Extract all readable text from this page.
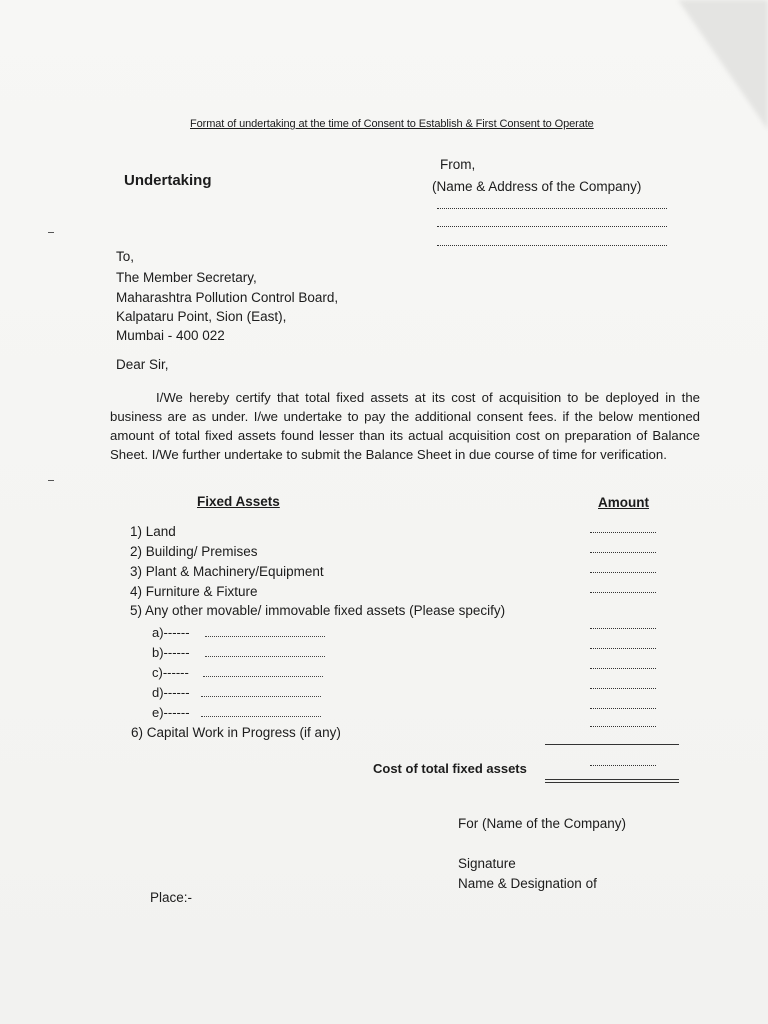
Format of undertaking at the time of Consent to Establish & First Consent to Operate
Undertaking
From,
(Name & Address of the Company)
To,
The Member Secretary,
Maharashtra Pollution Control Board,
Kalpataru Point, Sion (East),
Mumbai - 400 022
Dear Sir,
I/We hereby certify that total fixed assets at its cost of acquisition to be deployed in the business are as under. I/we undertake to pay the additional consent fees. if the below mentioned amount of total fixed assets found lesser than its actual acquisition cost on preparation of Balance Sheet. I/We further undertake to submit the Balance Sheet in due course of time for verification.
Fixed Assets	Amount
1) Land
2) Building/ Premises
3) Plant & Machinery/Equipment
4) Furniture & Fixture
5) Any other movable/ immovable fixed assets (Please specify)
a)------
b)------
c)------
d)------
e)------
6) Capital Work in Progress (if any)
Cost of total fixed assets
For (Name of the Company)
Signature
Name & Designation of
Place:-
